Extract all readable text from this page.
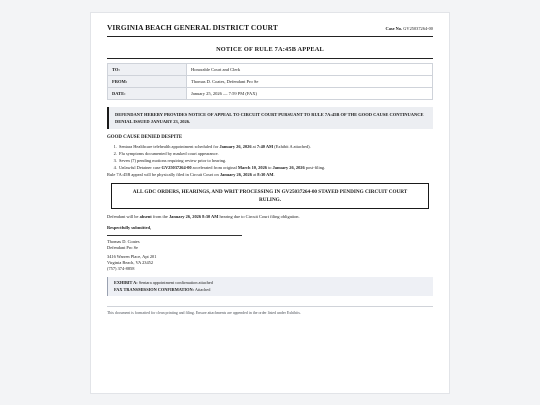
VIRGINIA BEACH GENERAL DISTRICT COURT	Case No. GV25037264-00
NOTICE OF RULE 7A:45B APPEAL
TO:	Honorable Court and Clerk
FROM:	Thomas D. Coates, Defendant Pro Se
DATE:	January 25, 2026 — 7:59 PM (FAX)
DEFENDANT HEREBY PROVIDES NOTICE OF APPEAL TO CIRCUIT COURT PURSUANT TO RULE 7A:45B OF THE GOOD CAUSE CONTINUANCE DENIAL ISSUED JANUARY 23, 2026.
GOOD CAUSE DENIED DESPITE
1. Sentara Healthcare telehealth appointment scheduled for January 26, 2026 at 7:40 AM (Exhibit A attached).
2. Flu symptoms documented by masked court appearance.
3. Seven (7) pending motions requiring review prior to hearing.
4. Unlawful Detainer case GV25037264-00 accelerated from original March 10, 2026 to January 26, 2026 post-filing.
Rule 7A:45B appeal will be physically filed in Circuit Court on January 26, 2026 at 8:30 AM.
ALL GDC ORDERS, HEARINGS, AND WRIT PROCESSING IN GV25037264-00 STAYED PENDING CIRCUIT COURT RULING.
Defendant will be absent from the January 26, 2026 8:30 AM hearing due to Circuit Court filing obligation.
Respectfully submitted,
Thomas D. Coates
Defendant Pro Se
3416 Warren Place, Apt 201
Virginia Beach, VA 23452
(757) 374-8858
EXHIBIT A: Sentara appointment confirmation attached
FAX TRANSMISSION CONFIRMATION: Attached
This document is formatted for clean printing and filing. Ensure attachments are appended in the order listed under Exhibits.
